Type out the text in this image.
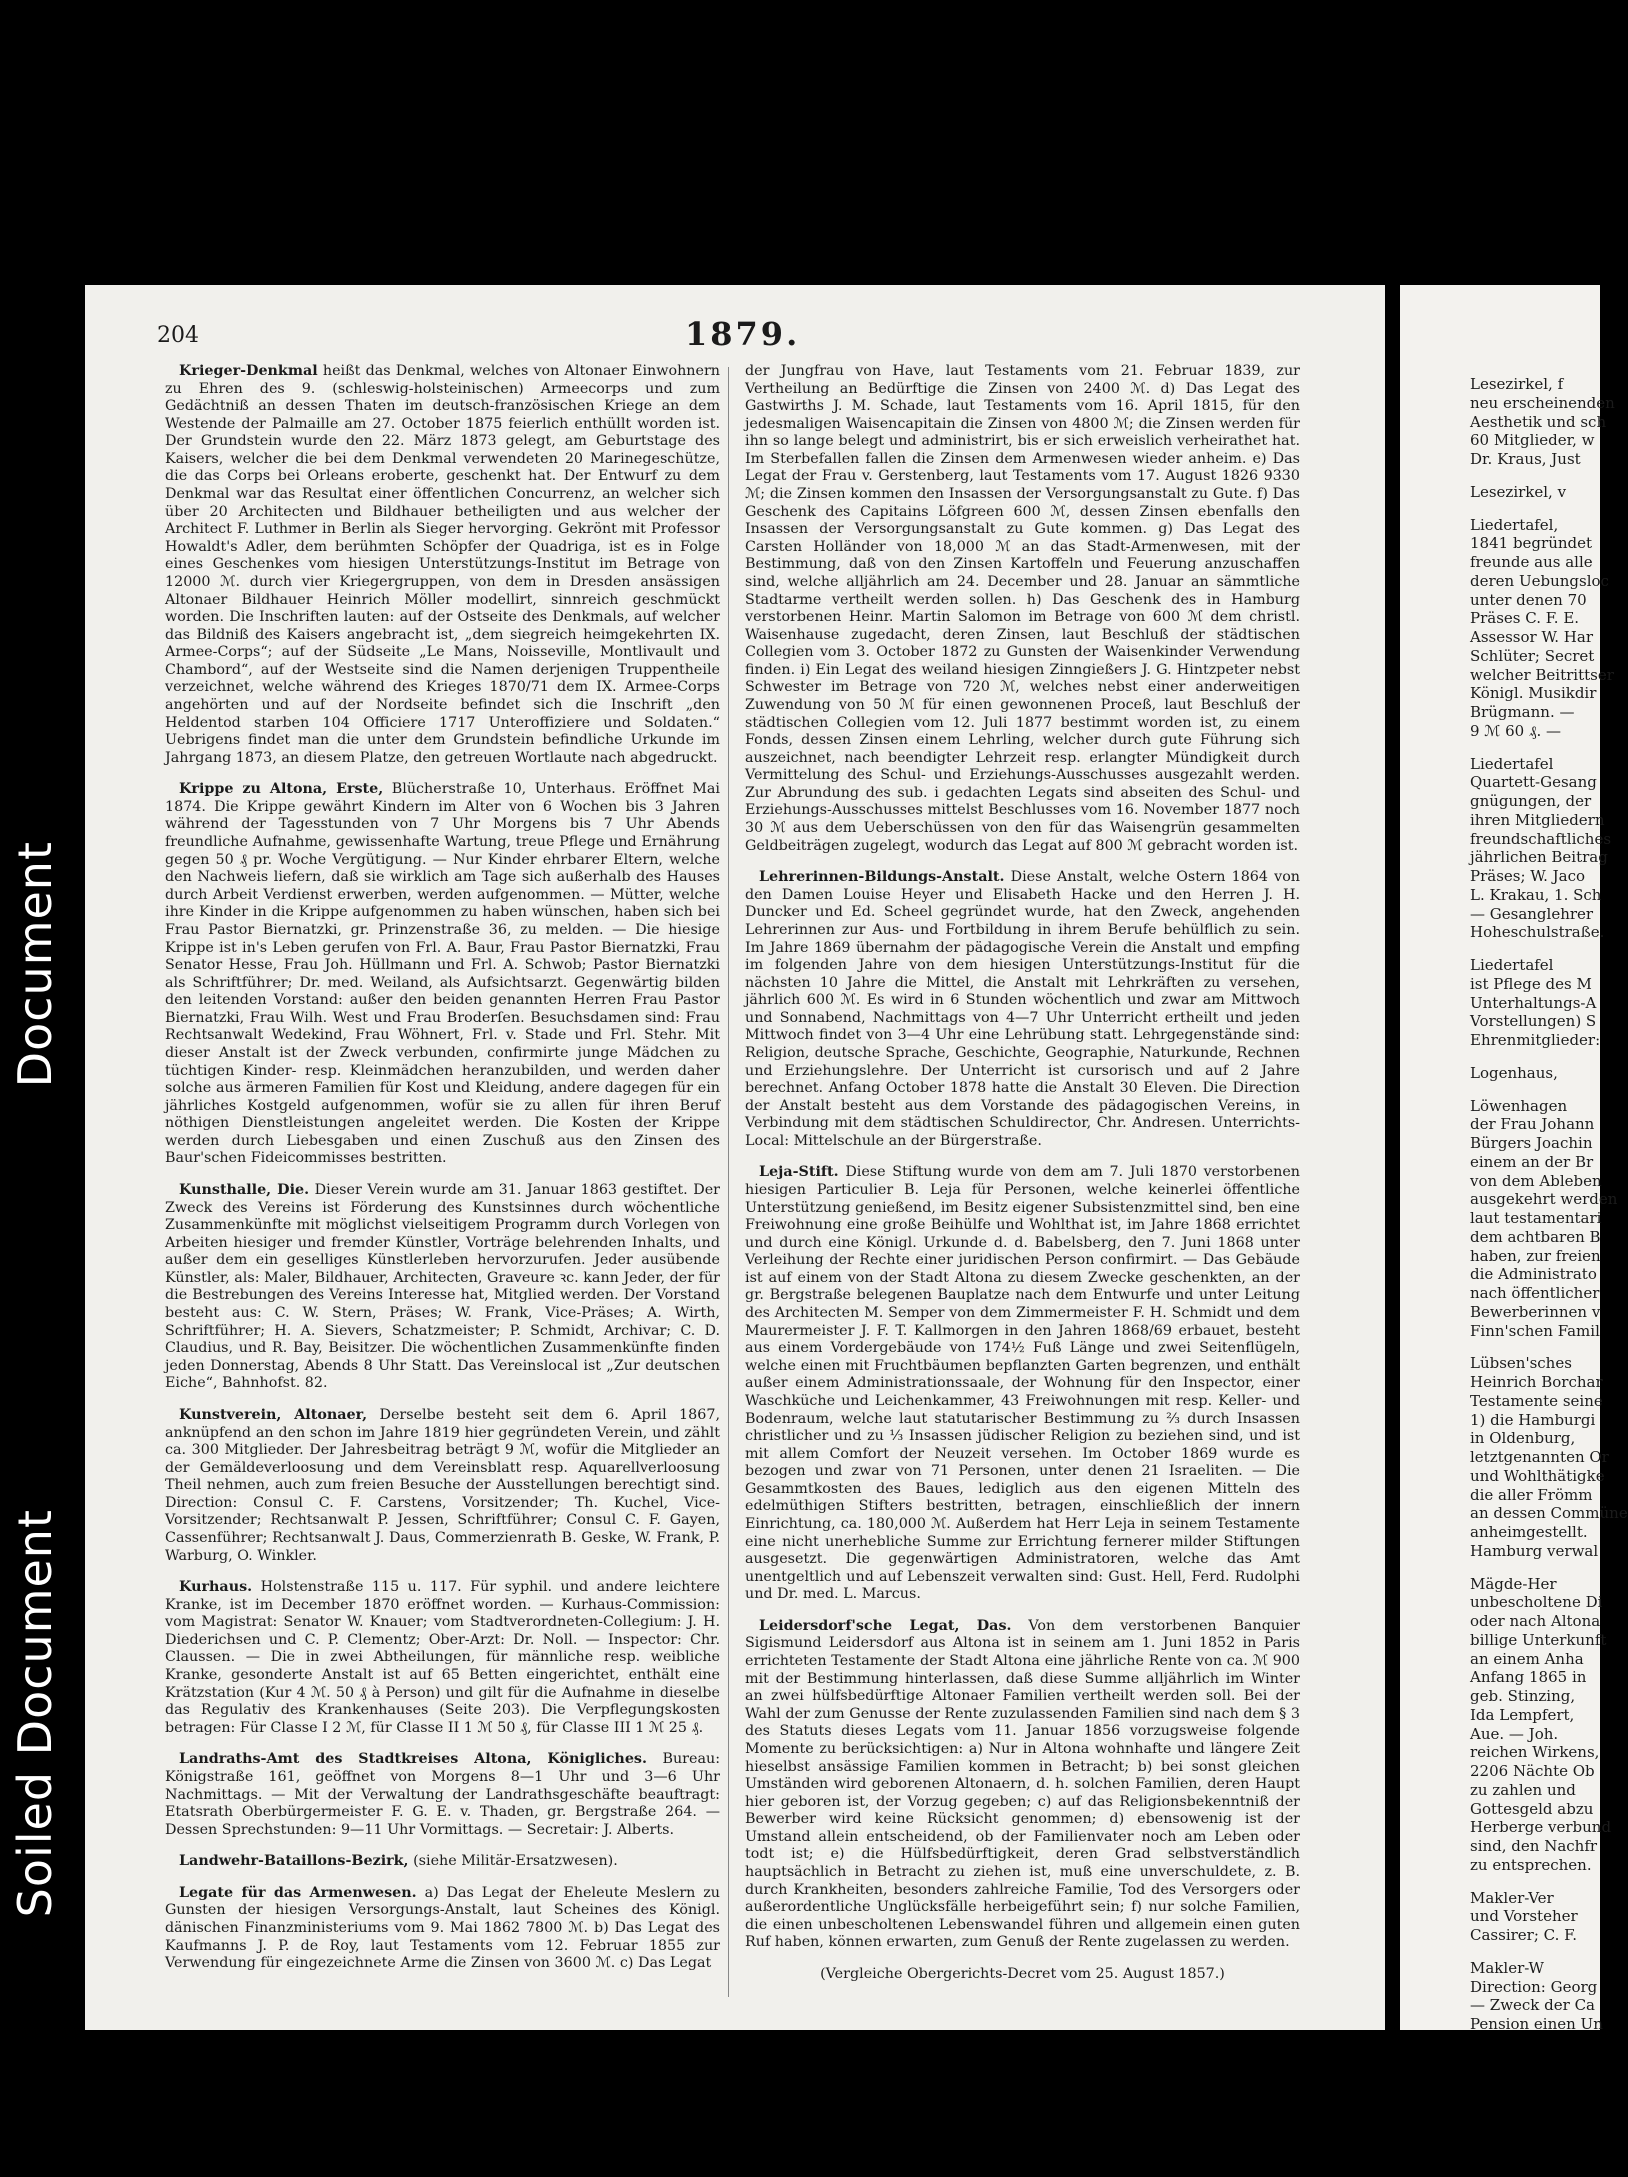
Document
Soiled Document
204	1879.

Krieger-Denkmal heißt das Denkmal, welches von Altonaer Einwohnern zu Ehren des 9. (schleswig-holsteinischen) Armeecorps und zum Gedächtniß an dessen Thaten im deutsch-französischen Kriege an dem Westende der Palmaille am 27. October 1875 feierlich enthüllt worden ist. Der Grundstein wurde den 22. März 1873 gelegt, am Geburtstage des Kaisers, welcher die bei dem Denkmal verwendeten 20 Marinegeschütze, die das Corps bei Orleans eroberte, geschenkt hat. Der Entwurf zu dem Denkmal war das Resultat einer öffentlichen Concurrenz, an welcher sich über 20 Architecten und Bildhauer betheiligten und aus welcher der Architect F. Luthmer in Berlin als Sieger hervorging. Gekrönt mit Professor Howaldt's Adler, dem berühmten Schöpfer der Quadriga, ist es in Folge eines Geschenkes vom hiesigen Unterstützungs-Institut im Betrage von 12000 ℳ. durch vier Kriegergruppen, von dem in Dresden ansässigen Altonaer Bildhauer Heinrich Möller modellirt, sinnreich geschmückt worden. Die Inschriften lauten: auf der Ostseite des Denkmals, auf welcher das Bildniß des Kaisers angebracht ist, „dem siegreich heimgekehrten IX. Armee-Corps“; auf der Südseite „Le Mans, Noisseville, Montlivault und Chambord“, auf der Westseite sind die Namen derjenigen Truppentheile verzeichnet, welche während des Krieges 1870/71 dem IX. Armee-Corps angehörten und auf der Nordseite befindet sich die Inschrift „den Heldentod starben 104 Officiere 1717 Unteroffiziere und Soldaten.“ Uebrigens findet man die unter dem Grundstein befindliche Urkunde im Jahrgang 1873, an diesem Platze, den getreuen Wortlaute nach abgedruckt.

Krippe zu Altona, Erste, Blücherstraße 10, Unterhaus. Eröffnet Mai 1874. Die Krippe gewährt Kindern im Alter von 6 Wochen bis 3 Jahren während der Tagesstunden von 7 Uhr Morgens bis 7 Uhr Abends freundliche Aufnahme, gewissenhafte Wartung, treue Pflege und Ernährung gegen 50 ₰ pr. Woche Vergütigung. — Nur Kinder ehrbarer Eltern, welche den Nachweis liefern, daß sie wirklich am Tage sich außerhalb des Hauses durch Arbeit Verdienst erwerben, werden aufgenommen. — Mütter, welche ihre Kinder in die Krippe aufgenommen zu haben wünschen, haben sich bei Frau Pastor Biernatzki, gr. Prinzenstraße 36, zu melden. — Die hiesige Krippe ist in's Leben gerufen von Frl. A. Baur, Frau Pastor Biernatzki, Frau Senator Hesse, Frau Joh. Hüllmann und Frl. A. Schwob; Pastor Biernatzki als Schriftführer; Dr. med. Weiland, als Aufsichtsarzt. Gegenwärtig bilden den leitenden Vorstand: außer den beiden genannten Herren Frau Pastor Biernatzki, Frau Wilh. West und Frau Broderſen. Besuchsdamen sind: Frau Rechtsanwalt Wedekind, Frau Wöhnert, Frl. v. Stade und Frl. Stehr. Mit dieser Anstalt ist der Zweck verbunden, confirmirte junge Mädchen zu tüchtigen Kinder- resp. Kleinmädchen heranzubilden, und werden daher solche aus ärmeren Familien für Kost und Kleidung, andere dagegen für ein jährliches Kostgeld aufgenommen, wofür sie zu allen für ihren Beruf nöthigen Dienstleistungen angeleitet werden. Die Kosten der Krippe werden durch Liebesgaben und einen Zuschuß aus den Zinsen des Baur'schen Fideicommisses bestritten.

Kunsthalle, Die. Dieser Verein wurde am 31. Januar 1863 gestiftet. Der Zweck des Vereins ist Förderung des Kunstsinnes durch wöchentliche Zusammenkünfte mit möglichst vielseitigem Programm durch Vorlegen von Arbeiten hiesiger und fremder Künstler, Vorträge belehrenden Inhalts, und außer dem ein geselliges Künstlerleben hervorzurufen. Jeder ausübende Künstler, als: Maler, Bildhauer, Architecten, Graveure ꝛc. kann Jeder, der für die Bestrebungen des Vereins Interesse hat, Mitglied werden. Der Vorstand besteht aus: C. W. Stern, Präses; W. Frank, Vice-Präses; A. Wirth, Schriftführer; H. A. Sievers, Schatzmeister; P. Schmidt, Archivar; C. D. Claudius, und R. Bay, Beisitzer. Die wöchentlichen Zusammenkünfte finden jeden Donnerstag, Abends 8 Uhr Statt. Das Vereinslocal ist „Zur deutschen Eiche“, Bahnhofst. 82.

Kunstverein, Altonaer, Derselbe besteht seit dem 6. April 1867, anknüpfend an den schon im Jahre 1819 hier gegründeten Verein, und zählt ca. 300 Mitglieder. Der Jahresbeitrag beträgt 9 ℳ, wofür die Mitglieder an der Gemäldeverloosung und dem Vereinsblatt resp. Aquarellverloosung Theil nehmen, auch zum freien Besuche der Ausstellungen berechtigt sind. Direction: Consul C. F. Carstens, Vorsitzender; Th. Kuchel, Vice-Vorsitzender; Rechtsanwalt P. Jessen, Schriftführer; Consul C. F. Gayen, Cassenführer; Rechtsanwalt J. Daus, Commerzienrath B. Geske, W. Frank, P. Warburg, O. Winkler.

Kurhaus. Holstenstraße 115 u. 117. Für syphil. und andere leichtere Kranke, ist im December 1870 eröffnet worden. — Kurhaus-Commission: vom Magistrat: Senator W. Knauer; vom Stadtverordneten-Collegium: J. H. Diederichsen und C. P. Clementz; Ober-Arzt: Dr. Noll. — Inspector: Chr. Claussen. — Die in zwei Abtheilungen, für männliche resp. weibliche Kranke, gesonderte Anstalt ist auf 65 Betten eingerichtet, enthält eine Krätzstation (Kur 4 ℳ. 50 ₰ à Person) und gilt für die Aufnahme in dieselbe das Regulativ des Krankenhauses (Seite 203). Die Verpflegungskosten betragen: Für Classe I 2 ℳ, für Classe II 1 ℳ 50 ₰, für Classe III 1 ℳ 25 ₰.

Landraths-Amt des Stadtkreises Altona, Königliches. Bureau: Königstraße 161, geöffnet von Morgens 8—1 Uhr und 3—6 Uhr Nachmittags. — Mit der Verwaltung der Landrathsgeschäfte beauftragt: Etatsrath Oberbürgermeister F. G. E. v. Thaden, gr. Bergstraße 264. — Dessen Sprechstunden: 9—11 Uhr Vormittags. — Secretair: J. Alberts.

Landwehr-Bataillons-Bezirk, (siehe Militär-Ersatzwesen).

Legate für das Armenwesen. a) Das Legat der Eheleute Meslern zu Gunsten der hiesigen Versorgungs-Anstalt, laut Scheines des Königl. dänischen Finanzministeriums vom 9. Mai 1862 7800 ℳ. b) Das Legat des Kaufmanns J. P. de Roy, laut Testaments vom 12. Februar 1855 zur Verwendung für eingezeichnete Arme die Zinsen von 3600 ℳ. c) Das Legat

der Jungfrau von Have, laut Testaments vom 21. Februar 1839, zur Vertheilung an Bedürftige die Zinsen von 2400 ℳ. d) Das Legat des Gastwirths J. M. Schade, laut Testaments vom 16. April 1815, für den jedesmaligen Waisencapitain die Zinsen von 4800 ℳ; die Zinsen werden für ihn so lange belegt und administrirt, bis er sich erweislich verheirathet hat. Im Sterbefallen fallen die Zinsen dem Armenwesen wieder anheim. e) Das Legat der Frau v. Gerstenberg, laut Testaments vom 17. August 1826 9330 ℳ; die Zinsen kommen den Insassen der Versorgungsanstalt zu Gute. f) Das Geschenk des Capitains Löfgreen 600 ℳ, dessen Zinsen ebenfalls den Insassen der Versorgungsanstalt zu Gute kommen. g) Das Legat des Carsten Holländer von 18,000 ℳ an das Stadt-Armenwesen, mit der Bestimmung, daß von den Zinsen Kartoffeln und Feuerung anzuschaffen sind, welche alljährlich am 24. December und 28. Januar an sämmtliche Stadtarme vertheilt werden sollen. h) Das Geschenk des in Hamburg verstorbenen Heinr. Martin Salomon im Betrage von 600 ℳ dem christl. Waisenhause zugedacht, deren Zinsen, laut Beschluß der städtischen Collegien vom 3. October 1872 zu Gunsten der Waisenkinder Verwendung finden. i) Ein Legat des weiland hiesigen Zinngießers J. G. Hintzpeter nebst Schwester im Betrage von 720 ℳ, welches nebst einer anderweitigen Zuwendung von 50 ℳ für einen gewonnenen Proceß, laut Beschluß der städtischen Collegien vom 12. Juli 1877 bestimmt worden ist, zu einem Fonds, dessen Zinsen einem Lehrling, welcher durch gute Führung sich auszeichnet, nach beendigter Lehrzeit resp. erlangter Mündigkeit durch Vermittelung des Schul- und Erziehungs-Ausschusses ausgezahlt werden. Zur Abrundung des sub. i gedachten Legats sind abseiten des Schul- und Erziehungs-Ausschusses mittelst Beschlusses vom 16. November 1877 noch 30 ℳ aus dem Ueberschüssen von den für das Waisengrün gesammelten Geldbeiträgen zugelegt, wodurch das Legat auf 800 ℳ gebracht worden ist.

Lehrerinnen-Bildungs-Anstalt. Diese Anstalt, welche Ostern 1864 von den Damen Louise Heyer und Elisabeth Hacke und den Herren J. H. Duncker und Ed. Scheel gegründet wurde, hat den Zweck, angehenden Lehrerinnen zur Aus- und Fortbildung in ihrem Berufe behülflich zu sein. Im Jahre 1869 übernahm der pädagogische Verein die Anstalt und empfing im folgenden Jahre von dem hiesigen Unterstützungs-Institut für die nächsten 10 Jahre die Mittel, die Anstalt mit Lehrkräften zu versehen, jährlich 600 ℳ. Es wird in 6 Stunden wöchentlich und zwar am Mittwoch und Sonnabend, Nachmittags von 4—7 Uhr Unterricht ertheilt und jeden Mittwoch findet von 3—4 Uhr eine Lehrübung statt. Lehrgegenstände sind: Religion, deutsche Sprache, Geschichte, Geographie, Naturkunde, Rechnen und Erziehungslehre. Der Unterricht ist cursorisch und auf 2 Jahre berechnet. Anfang October 1878 hatte die Anstalt 30 Eleven. Die Direction der Anstalt besteht aus dem Vorstande des pädagogischen Vereins, in Verbindung mit dem städtischen Schuldirector, Chr. Andresen. Unterrichts-Local: Mittelschule an der Bürgerstraße.

Leja-Stift. Diese Stiftung wurde von dem am 7. Juli 1870 verstorbenen hiesigen Particulier B. Leja für Personen, welche keinerlei öffentliche Unterstützung genießend, im Besitz eigener Subsistenzmittel sind, ben eine Freiwohnung eine große Beihülfe und Wohlthat ist, im Jahre 1868 errichtet und durch eine Königl. Urkunde d. d. Babelsberg, den 7. Juni 1868 unter Verleihung der Rechte einer juridischen Person confirmirt. — Das Gebäude ist auf einem von der Stadt Altona zu diesem Zwecke geschenkten, an der gr. Bergstraße belegenen Bauplatze nach dem Entwurfe und unter Leitung des Architecten M. Semper von dem Zimmermeister F. H. Schmidt und dem Maurermeister J. F. T. Kallmorgen in den Jahren 1868/69 erbauet, besteht aus einem Vordergebäude von 174½ Fuß Länge und zwei Seitenflügeln, welche einen mit Fruchtbäumen bepflanzten Garten begrenzen, und enthält außer einem Administrationssaale, der Wohnung für den Inspector, einer Waschküche und Leichenkammer, 43 Freiwohnungen mit resp. Keller- und Bodenraum, welche laut statutarischer Bestimmung zu ⅔ durch Insassen christlicher und zu ⅓ Insassen jüdischer Religion zu beziehen sind, und ist mit allem Comfort der Neuzeit versehen. Im October 1869 wurde es bezogen und zwar von 71 Personen, unter denen 21 Israeliten. — Die Gesammtkosten des Baues, lediglich aus den eigenen Mitteln des edelmüthigen Stifters bestritten, betragen, einschließlich der innern Einrichtung, ca. 180,000 ℳ. Außerdem hat Herr Leja in seinem Testamente eine nicht unerhebliche Summe zur Errichtung fernerer milder Stiftungen ausgesetzt. Die gegenwärtigen Administratoren, welche das Amt unentgeltlich und auf Lebenszeit verwalten sind: Gust. Hell, Ferd. Rudolphi und Dr. med. L. Marcus.

Leidersdorf'sche Legat, Das. Von dem verstorbenen Banquier Sigismund Leidersdorf aus Altona ist in seinem am 1. Juni 1852 in Paris errichteten Testamente der Stadt Altona eine jährliche Rente von ca. ℳ 900 mit der Bestimmung hinterlassen, daß diese Summe alljährlich im Winter an zwei hülfsbedürftige Altonaer Familien vertheilt werden soll. Bei der Wahl der zum Genusse der Rente zuzulassenden Familien sind nach dem § 3 des Statuts dieses Legats vom 11. Januar 1856 vorzugsweise folgende Momente zu berücksichtigen: a) Nur in Altona wohnhafte und längere Zeit hieselbst ansässige Familien kommen in Betracht; b) bei sonst gleichen Umständen wird geborenen Altonaern, d. h. solchen Familien, deren Haupt hier geboren ist, der Vorzug gegeben; c) auf das Religionsbekenntniß der Bewerber wird keine Rücksicht genommen; d) ebensowenig ist der Umstand allein entscheidend, ob der Familienvater noch am Leben oder todt ist; e) die Hülfsbedürftigkeit, deren Grad selbstverständlich hauptsächlich in Betracht zu ziehen ist, muß eine unverschuldete, z. B. durch Krankheiten, besonders zahlreiche Familie, Tod des Versorgers oder außerordentliche Unglücksfälle herbeigeführt sein; f) nur solche Familien, die einen unbescholtenen Lebenswandel führen und allgemein einen guten Ruf haben, können erwarten, zum Genuß der Rente zugelassen zu werden.

(Vergleiche Obergerichts-Decret vom 25. August 1857.)

Lesezirkel, f
neu erscheinenden
Aesthetik und sch
60 Mitglieder, w
Dr. Kraus, Just
Lesezirkel, v
Liedertafel,
1841 begründet
freunde aus alle
deren Uebungsloc
unter denen 70
Präses C. F. E.
Assessor W. Har
Schlüter; Secret
welcher Beitrittser
Königl. Musikdir
Brügmann. —
9 ℳ 60 ₰. —
Liedertafel
Quartett-Gesang
gnügungen, der
ihren Mitgliedern
freundschaftliches
jährlichen Beitrag
Präses; W. Jaco
L. Krakau, 1. Sch
— Gesanglehrer
Hoheschulstraße.
Liedertafel
ist Pflege des M
Unterhaltungs-A
Vorstellungen) S
Ehrenmitglieder:
Logenhaus,
Löwenhagen
der Frau Johann
Bürgers Joachin
einem an der Br
von dem Ableben
ausgekehrt werden
laut testamentari
dem achtbaren B
haben, zur freien
die Administrato
nach öffentlicher
Bewerberinnen v
Finn'schen Famil
Lübsen'sches
Heinrich Borchar
Testamente seine
1) die Hamburgi
in Oldenburg,
letztgenannten Or
und Wohlthätigke
die aller Frömm
an dessen Commüne
anheimgestellt.
Hamburg verwal
Mägde-Her
unbescholtene Di
oder nach Altona
billige Unterkunft
an einem Anha
Anfang 1865 in
geb. Stinzing,
Ida Lempfert,
Aue. — Joh.
reichen Wirkens,
2206 Nächte Ob
zu zahlen und
Gottesgeld abzu
Herberge verbund
sind, den Nachfr
zu entsprechen.
Makler-Ver
und Vorsteher
Cassirer; C. F.
Makler-W
Direction: Georg
— Zweck der Ca
Pension einen Un
